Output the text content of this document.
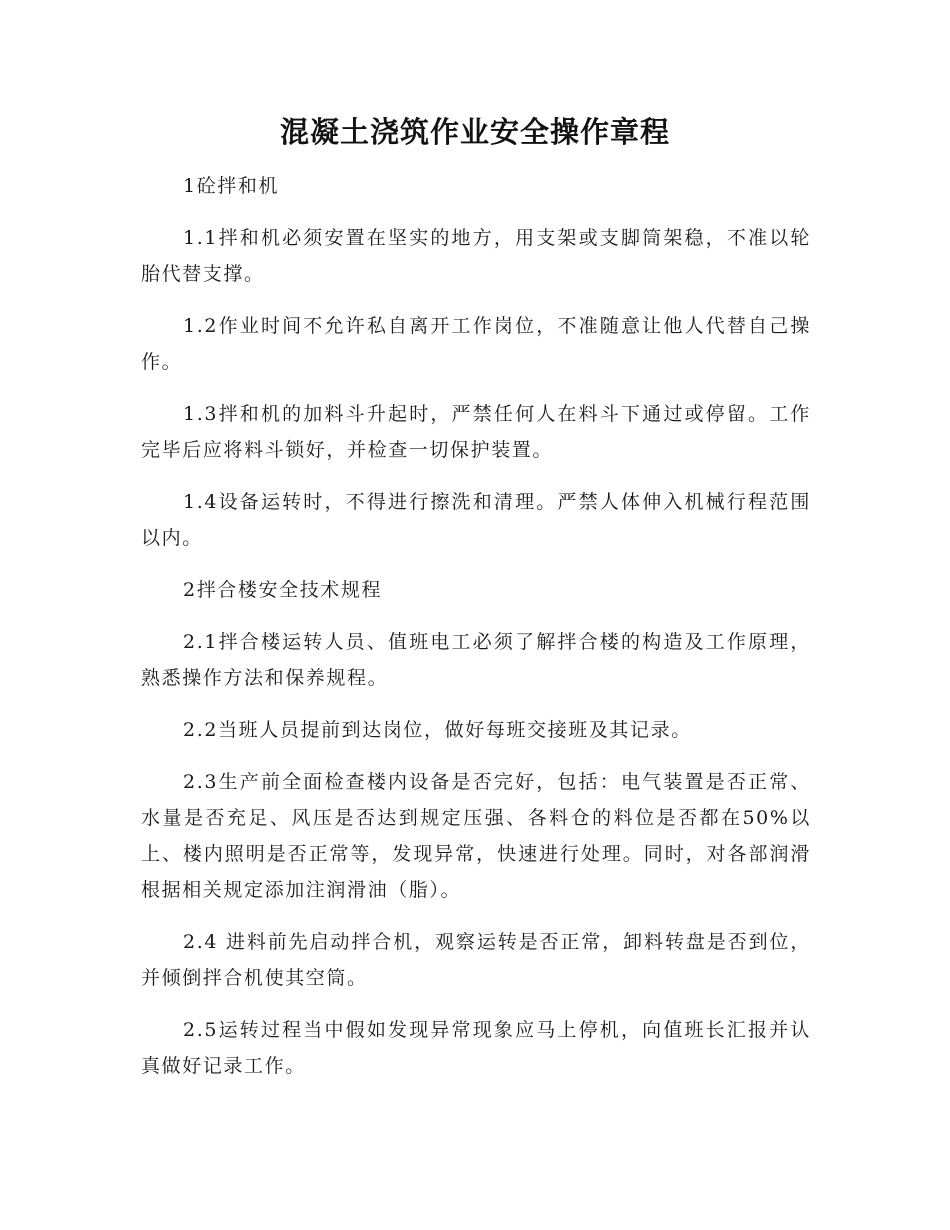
混凝土浇筑作业安全操作章程

1砼拌和机

1.1拌和机必须安置在坚实的地方，用支架或支脚筒架稳，不准以轮胎代替支撑。

1.2作业时间不允许私自离开工作岗位，不准随意让他人代替自己操作。

1.3拌和机的加料斗升起时，严禁任何人在料斗下通过或停留。工作完毕后应将料斗锁好，并检查一切保护装置。

1.4设备运转时，不得进行擦洗和清理。严禁人体伸入机械行程范围以内。

2拌合楼安全技术规程

2.1拌合楼运转人员、值班电工必须了解拌合楼的构造及工作原理，熟悉操作方法和保养规程。

2.2当班人员提前到达岗位，做好每班交接班及其记录。

2.3生产前全面检查楼内设备是否完好，包括：电气装置是否正常、水量是否充足、风压是否达到规定压强、各料仓的料位是否都在50%以上、楼内照明是否正常等，发现异常，快速进行处理。同时，对各部润滑根据相关规定添加注润滑油（脂）。

2.4 进料前先启动拌合机，观察运转是否正常，卸料转盘是否到位，并倾倒拌合机使其空筒。

2.5运转过程当中假如发现异常现象应马上停机，向值班长汇报并认真做好记录工作。
